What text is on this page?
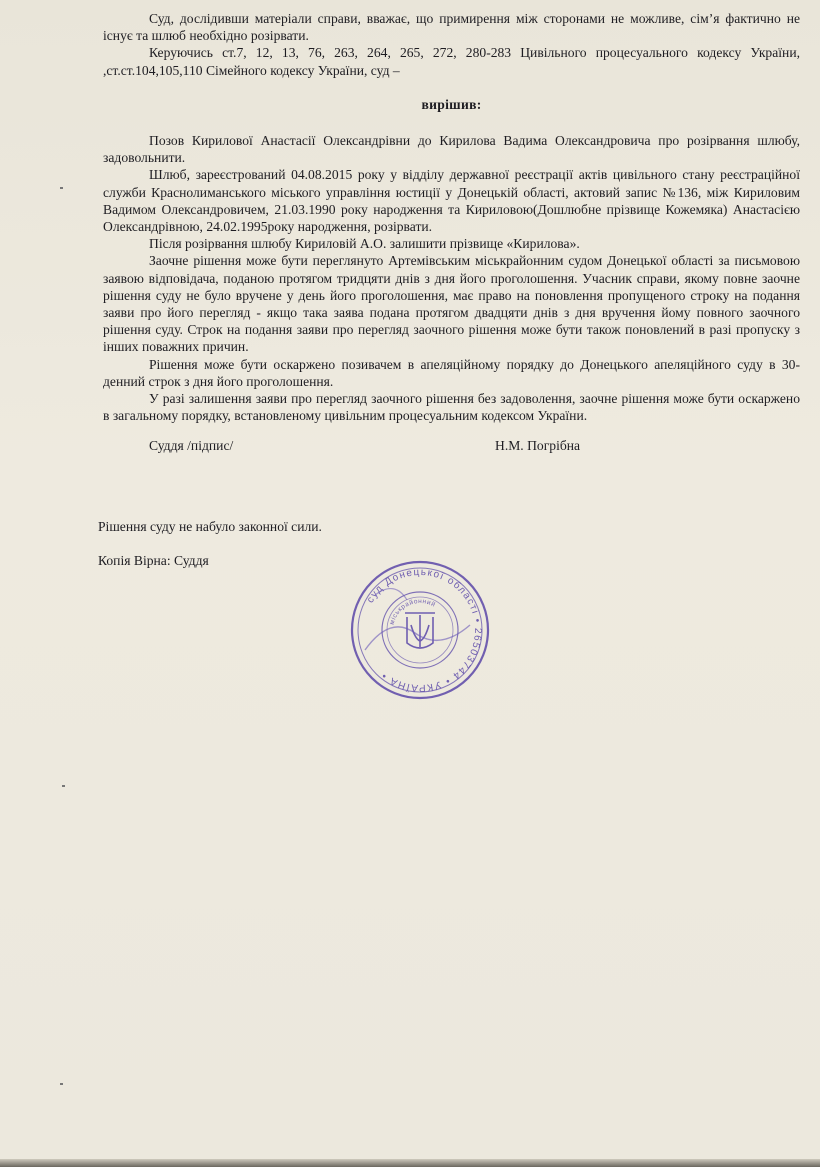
Суд, дослідивши матеріали справи, вважає, що примирення між сторонами не можливе, сім’я фактично не існує та шлюб необхідно розірвати.

Керуючись ст.7, 12, 13, 76, 263, 264, 265, 272, 280-283 Цивільного процесуального кодексу України, ,ст.ст.104,105,110 Сімейного кодексу України, суд –

вирішив:

Позов Кирилової Анастасії Олександрівни до Кирилова Вадима Олександровича про розірвання шлюбу, задовольнити.

Шлюб, зареєстрований 04.08.2015 року у відділу державної реєстрації актів цивільного стану реєстраційної служби Краснолиманського міського управління юстиції у Донецькій області, актовий запис №136, між Кириловим Вадимом Олександровичем, 21.03.1990 року народження та Кириловою(Дошлюбне прізвище Кожемяка) Анастасією Олександрівною, 24.02.1995року народження, розірвати.

Після розірвання шлюбу Кириловій А.О. залишити прізвище «Кирилова».

Заочне рішення може бути переглянуто Артемівським міськрайонним судом Донецької області за письмовою заявою відповідача, поданою протягом тридцяти днів з дня його проголошення. Учасник справи, якому повне заочне рішення суду не було вручене у день його проголошення, має право на поновлення пропущеного строку на подання заяви про його перегляд - якщо така заява подана протягом двадцяти днів з дня вручення йому повного заочного рішення суду. Строк на подання заяви про перегляд заочного рішення може бути також поновлений в разі пропуску з інших поважних причин.

Рішення може бути оскаржено позивачем в апеляційному порядку до Донецького апеляційного суду в 30-денний строк з дня його проголошення.

У разі залишення заяви про перегляд заочного рішення без задоволення, заочне рішення може бути оскаржено в загальному порядку, встановленому цивільним процесуальним кодексом України.

Суддя /підпис/	Н.М. Погрібна
Рішення суду не набуло законної сили.
Копія Вірна: Суддя
суд Донецької області • 26503744 • УКРАЇНА •
міськрайонний
